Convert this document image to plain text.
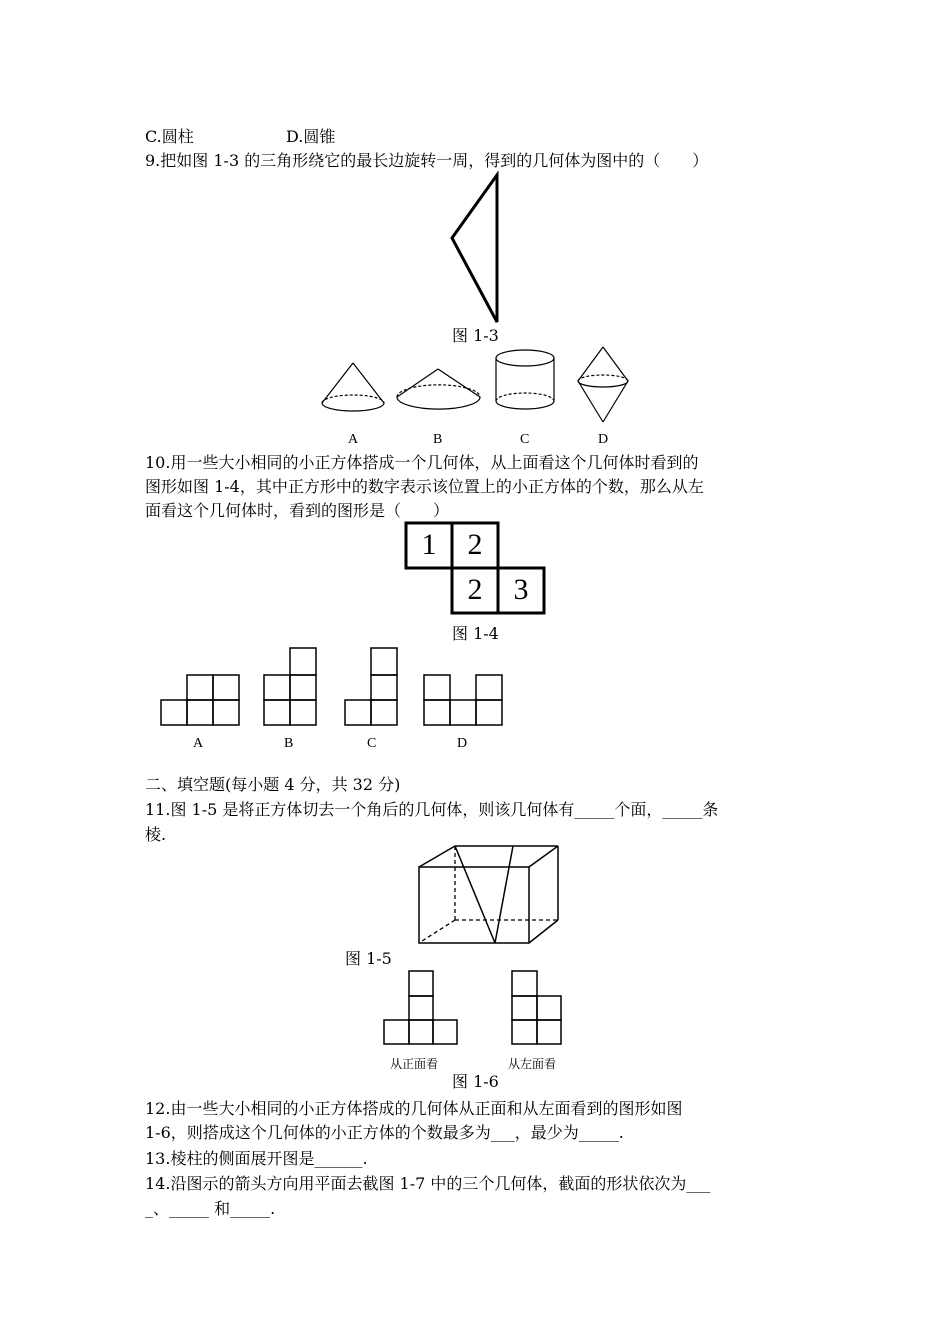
C.圆柱	D.圆锥
9.把如图 1-3 的三角形绕它的最长边旋转一周，得到的几何体为图中的（　　）
图 1-3
A	B	C	D
10.用一些大小相同的小正方体搭成一个几何体，从上面看这个几何体时看到的
图形如图 1-4，其中正方形中的数字表示该位置上的小正方体的个数，那么从左
面看这个几何体时，看到的图形是（　　）
1	2
2	3
图 1-4
A	B	C	D
二、填空题(每小题 4 分，共 32 分)
11.图 1-5 是将正方体切去一个角后的几何体，则该几何体有_____个面，_____条
棱.
图 1-5
从正面看	从左面看
图 1-6
12.由一些大小相同的小正方体搭成的几何体从正面和从左面看到的图形如图
1-6，则搭成这个几何体的小正方体的个数最多为___，最少为_____.
13.棱柱的侧面展开图是______.
14.沿图示的箭头方向用平面去截图 1-7 中的三个几何体，截面的形状依次为___
_、_____ 和_____.
